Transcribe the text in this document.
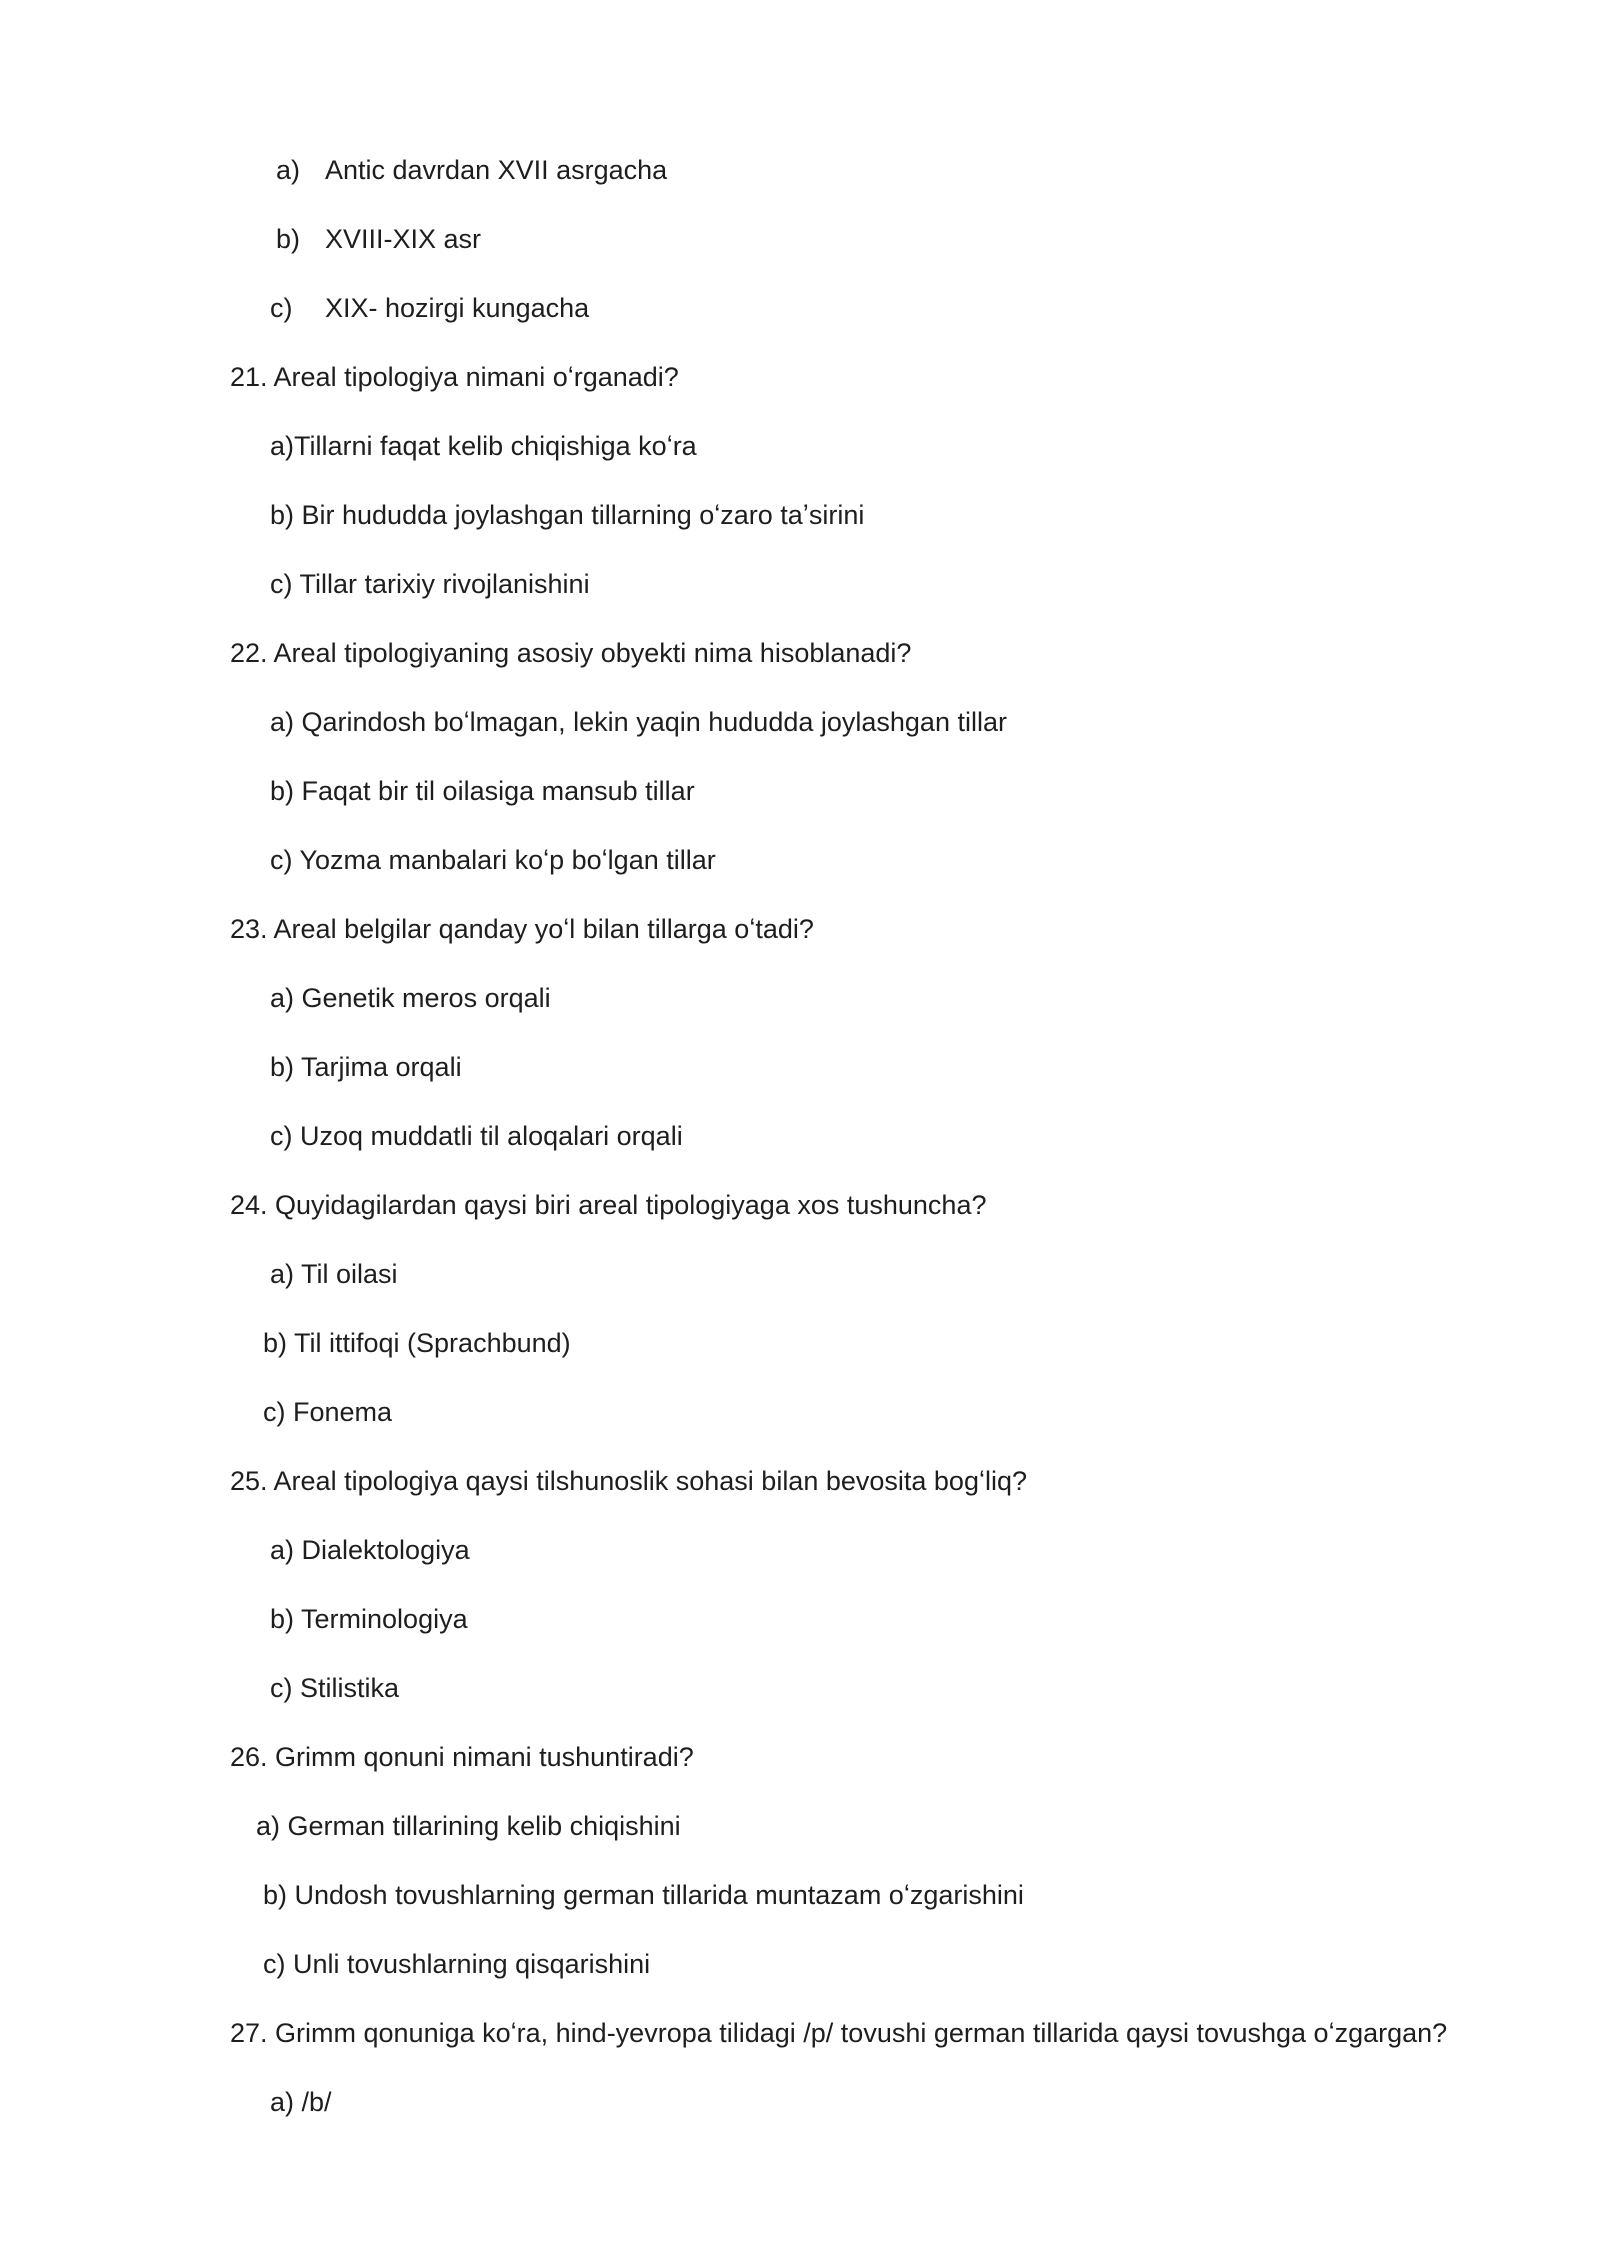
a) Antic davrdan XVII asrgacha
b) XVIII-XIX asr
c) XIX- hozirgi kungacha
21. Areal tipologiya nimani oʻrganadi?
a)Tillarni faqat kelib chiqishiga koʻra
b) Bir hududda joylashgan tillarning oʻzaro taʼsirini
c) Tillar tarixiy rivojlanishini
22. Areal tipologiyaning asosiy obyekti nima hisoblanadi?
a) Qarindosh boʻlmagan, lekin yaqin hududda joylashgan tillar
b) Faqat bir til oilasiga mansub tillar
c) Yozma manbalari koʻp boʻlgan tillar
23. Areal belgilar qanday yoʻl bilan tillarga oʻtadi?
a) Genetik meros orqali
b) Tarjima orqali
c) Uzoq muddatli til aloqalari orqali
24. Quyidagilardan qaysi biri areal tipologiyaga xos tushuncha?
a) Til oilasi
b) Til ittifoqi (Sprachbund)
c) Fonema
25. Areal tipologiya qaysi tilshunoslik sohasi bilan bevosita bogʻliq?
a) Dialektologiya
b) Terminologiya
c) Stilistika
26. Grimm qonuni nimani tushuntiradi?
a) German tillarining kelib chiqishini
b) Undosh tovushlarning german tillarida muntazam oʻzgarishini
c) Unli tovushlarning qisqarishini
27. Grimm qonuniga koʻra, hind-yevropa tilidagi /p/ tovushi german tillarida qaysi tovushga oʻzgargan?
a) /b/
